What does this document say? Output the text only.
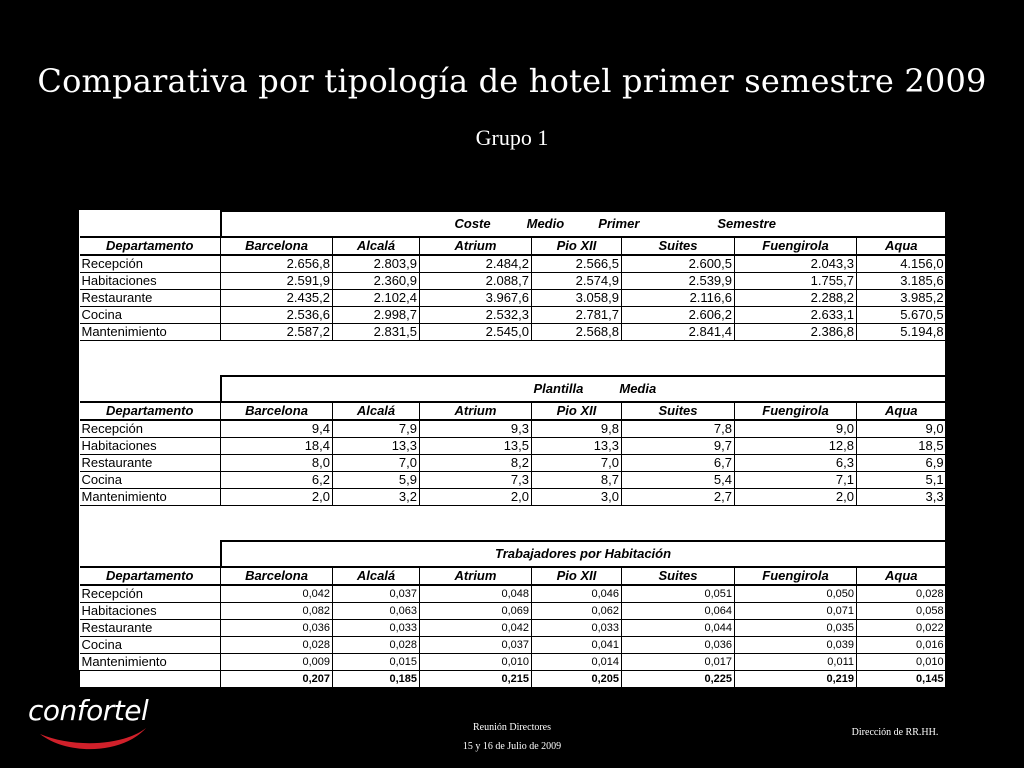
Comparativa por tipología de hotel primer semestre 2009
Grupo 1
	Coste Medio Primer Semestre						
Departamento	Barcelona	Alcalá	Atrium	Pio XII	Suites	Fuengirola	Aqua
Recepción	2.656,8	2.803,9	2.484,2	2.566,5	2.600,5	2.043,3	4.156,0
Habitaciones	2.591,9	2.360,9	2.088,7	2.574,9	2.539,9	1.755,7	3.185,6
Restaurante	2.435,2	2.102,4	3.967,6	3.058,9	2.116,6	2.288,2	3.985,2
Cocina	2.536,6	2.998,7	2.532,3	2.781,7	2.606,2	2.633,1	5.670,5
Mantenimiento	2.587,2	2.831,5	2.545,0	2.568,8	2.841,4	2.386,8	5.194,8

	Plantilla Media						
Departamento	Barcelona	Alcalá	Atrium	Pio XII	Suites	Fuengirola	Aqua
Recepción	9,4	7,9	9,3	9,8	7,8	9,0	9,0
Habitaciones	18,4	13,3	13,5	13,3	9,7	12,8	18,5
Restaurante	8,0	7,0	8,2	7,0	6,7	6,3	6,9
Cocina	6,2	5,9	7,3	8,7	5,4	7,1	5,1
Mantenimiento	2,0	3,2	2,0	3,0	2,7	2,0	3,3

	Trabajadores por Habitación						
Departamento	Barcelona	Alcalá	Atrium	Pio XII	Suites	Fuengirola	Aqua
Recepción	0,042	0,037	0,048	0,046	0,051	0,050	0,028
Habitaciones	0,082	0,063	0,069	0,062	0,064	0,071	0,058
Restaurante	0,036	0,033	0,042	0,033	0,044	0,035	0,022
Cocina	0,028	0,028	0,037	0,041	0,036	0,039	0,016
Mantenimiento	0,009	0,015	0,010	0,014	0,017	0,011	0,010
	0,207	0,185	0,215	0,205	0,225	0,219	0,145
confortel
Reunión Directores
15 y 16 de Julio de 2009
Dirección de RR.HH.
